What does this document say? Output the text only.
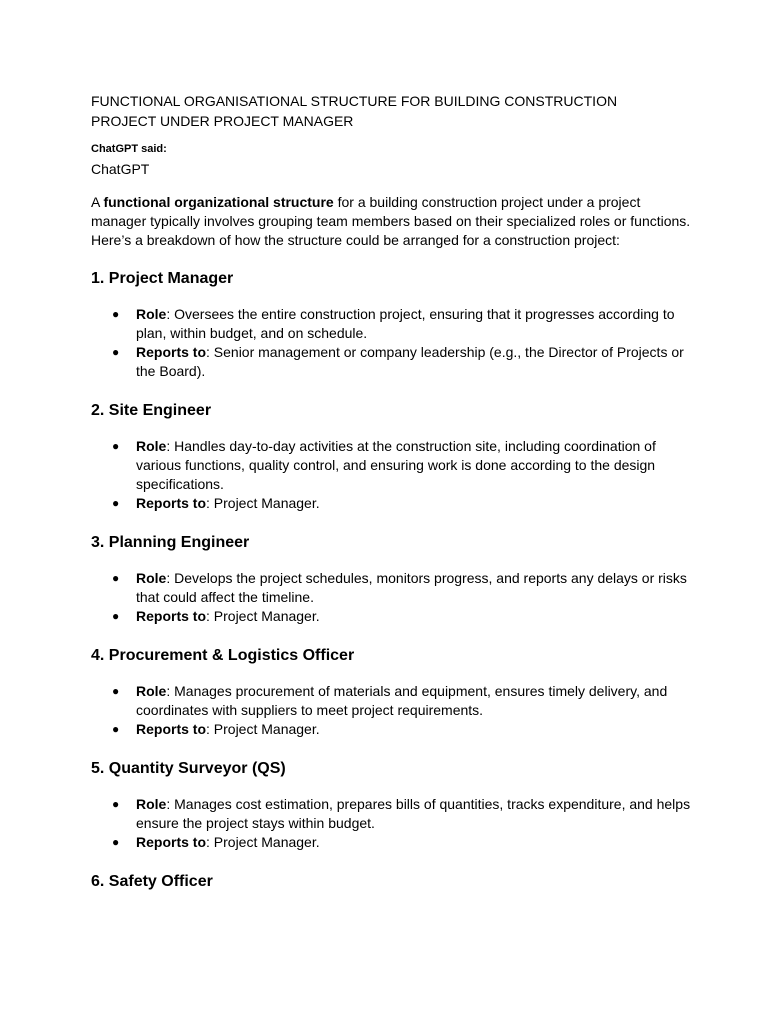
FUNCTIONAL ORGANISATIONAL STRUCTURE FOR BUILDING CONSTRUCTION
PROJECT UNDER PROJECT MANAGER
ChatGPT said:
ChatGPT

A functional organizational structure for a building construction project under a project manager typically involves grouping team members based on their specialized roles or functions. Here’s a breakdown of how the structure could be arranged for a construction project:

1. Project Manager
● Role: Oversees the entire construction project, ensuring that it progresses according to plan, within budget, and on schedule.
● Reports to: Senior management or company leadership (e.g., the Director of Projects or the Board).
2. Site Engineer
● Role: Handles day-to-day activities at the construction site, including coordination of various functions, quality control, and ensuring work is done according to the design specifications.
● Reports to: Project Manager.
3. Planning Engineer
● Role: Develops the project schedules, monitors progress, and reports any delays or risks that could affect the timeline.
● Reports to: Project Manager.
4. Procurement & Logistics Officer
● Role: Manages procurement of materials and equipment, ensures timely delivery, and coordinates with suppliers to meet project requirements.
● Reports to: Project Manager.
5. Quantity Surveyor (QS)
● Role: Manages cost estimation, prepares bills of quantities, tracks expenditure, and helps ensure the project stays within budget.
● Reports to: Project Manager.
6. Safety Officer
